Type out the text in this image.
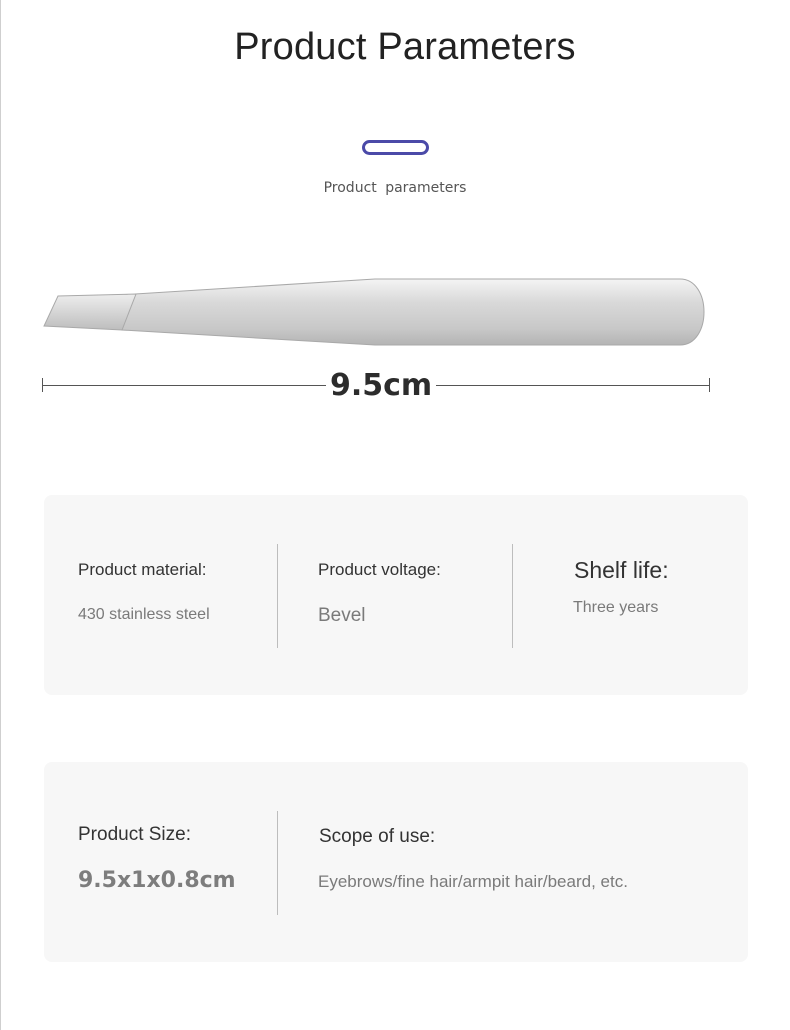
Product Parameters
Product parameters
9.5cm
Product material:
430 stainless steel
Product voltage:
Bevel
Shelf life:
Three years
Product Size:
9.5x1x0.8cm
Scope of use:
Eyebrows/fine hair/armpit hair/beard, etc.
